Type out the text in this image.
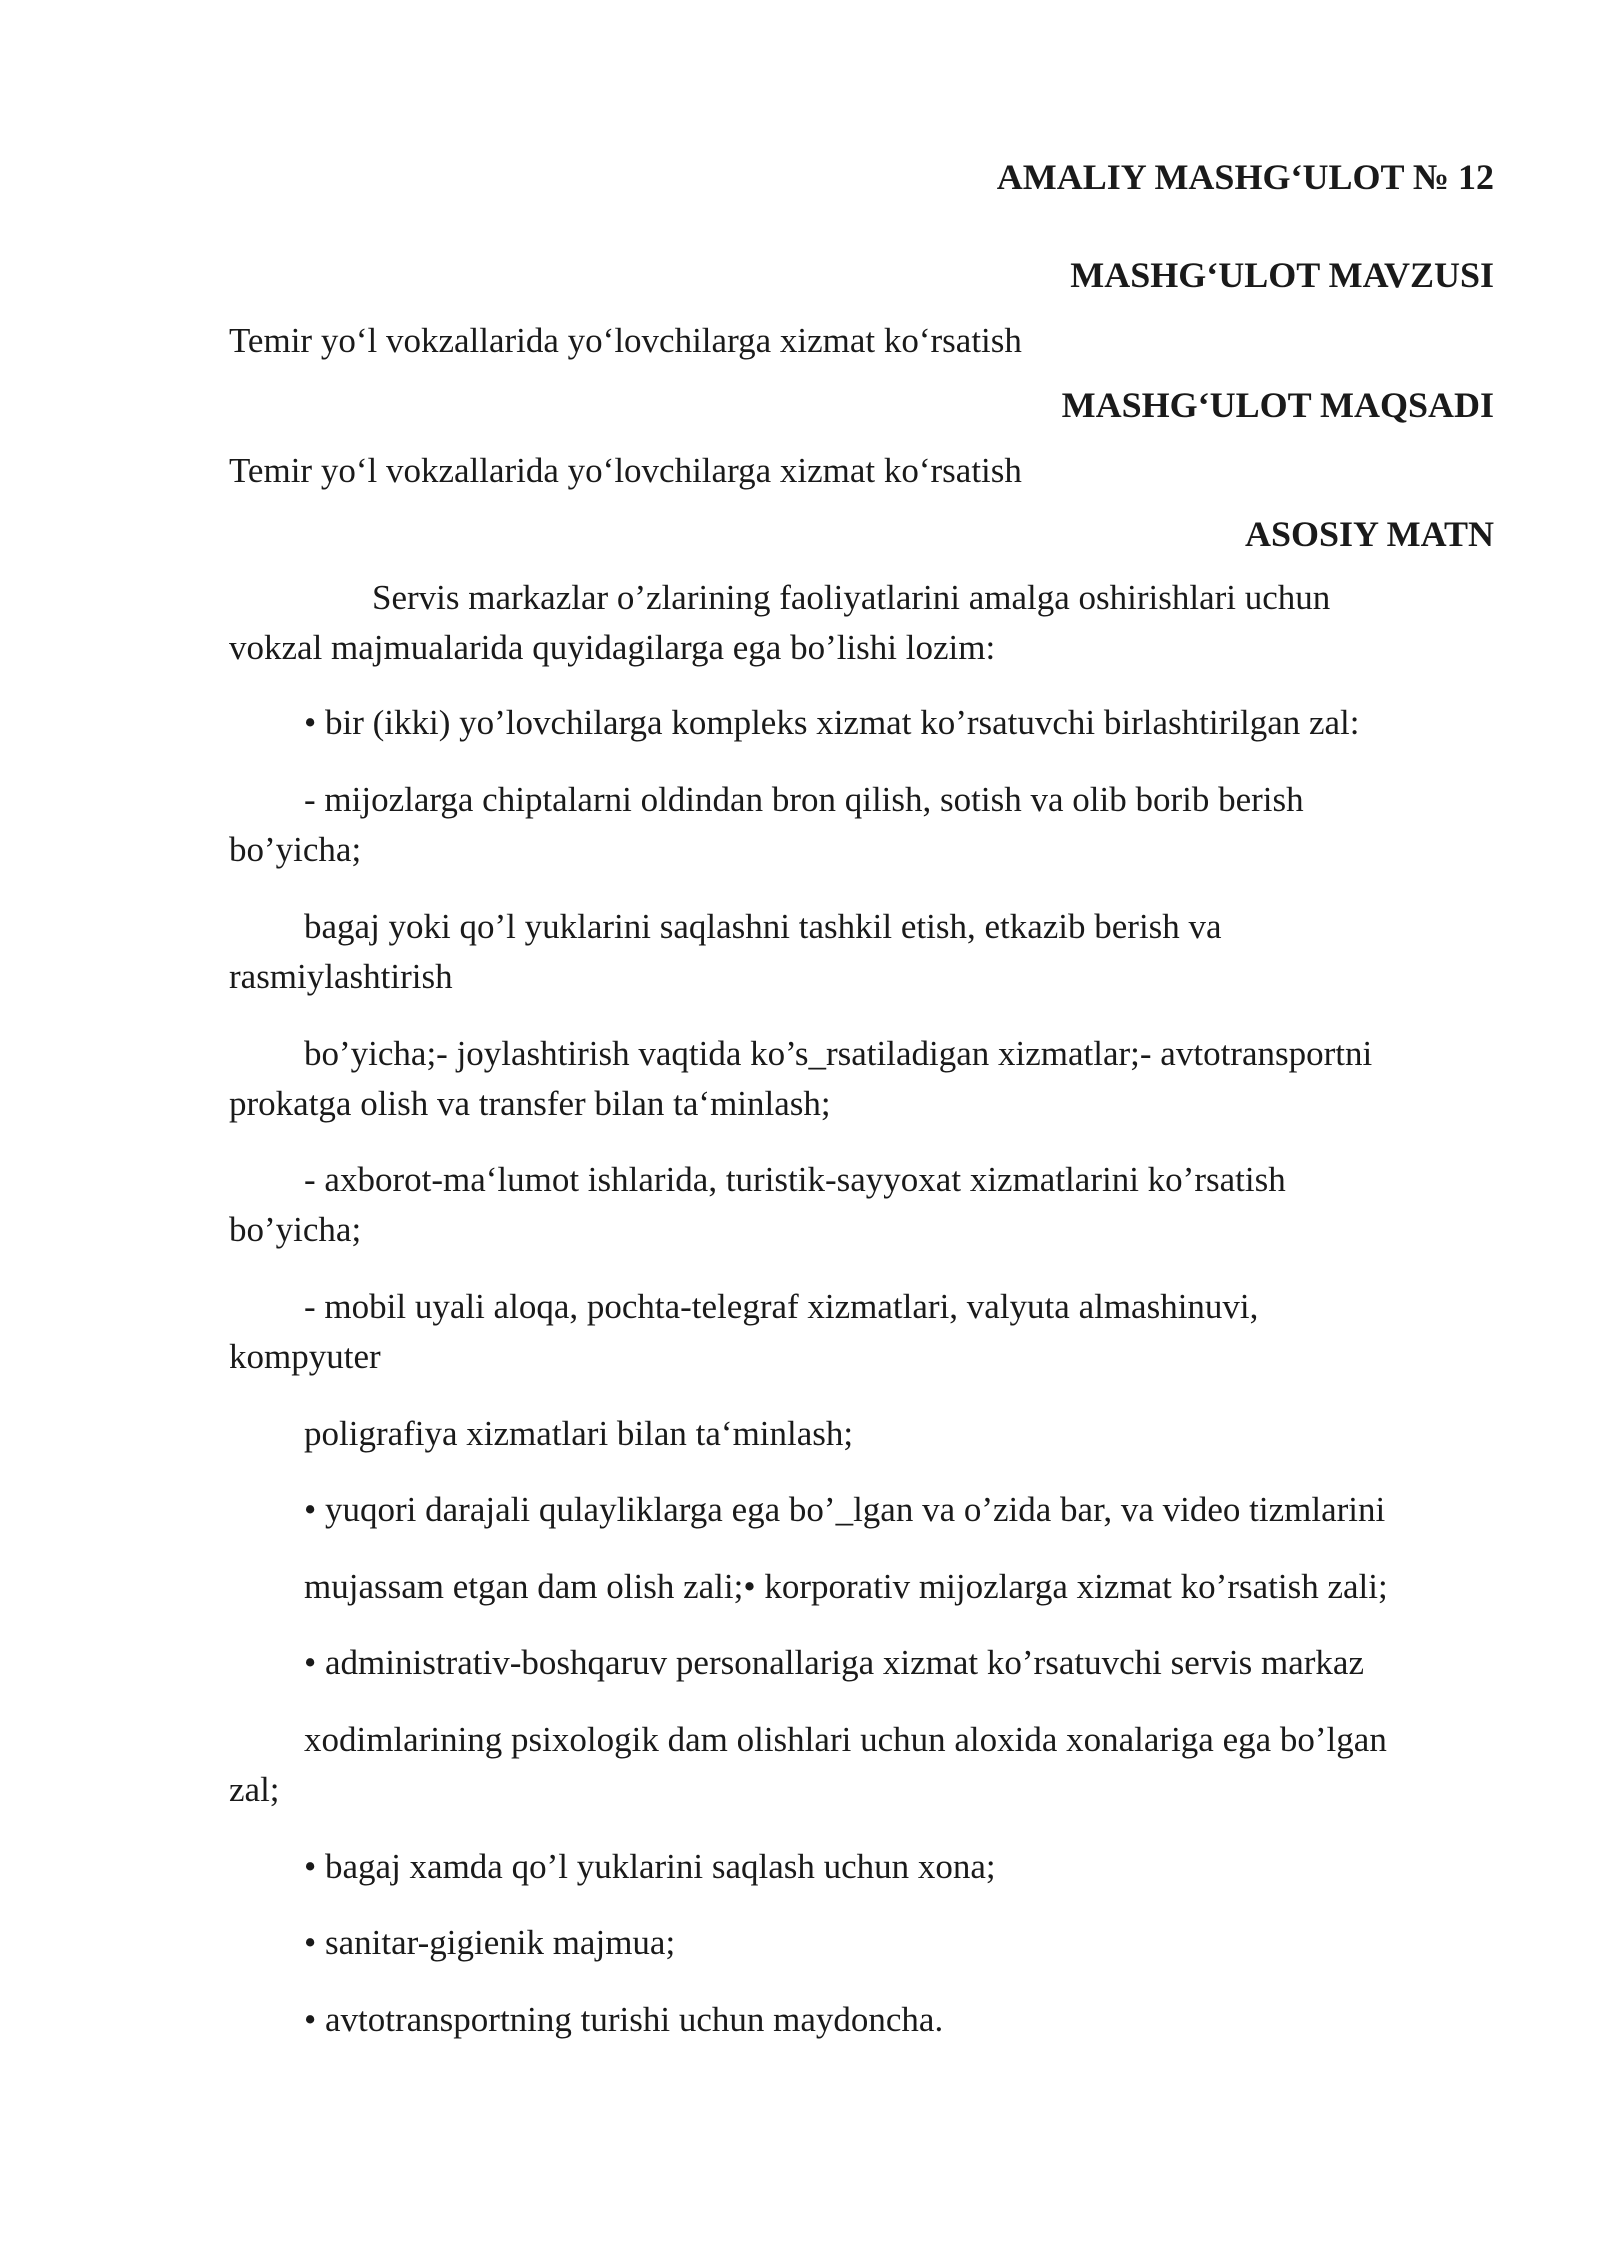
AMALIY MASHG‘ULOT № 12
MASHG‘ULOT MAVZUSI
Temir yo‘l vokzallarida yo‘lovchilarga xizmat ko‘rsatish
MASHG‘ULOT MAQSADI
Temir yo‘l vokzallarida yo‘lovchilarga xizmat ko‘rsatish
ASOSIY MATN
Servis markazlar o’zlarining faoliyatlarini amalga oshirishlari uchun
vokzal majmualarida quyidagilarga ega bo’lishi lozim:
• bir (ikki) yo’lovchilarga kompleks xizmat ko’rsatuvchi birlashtirilgan zal:
- mijozlarga chiptalarni oldindan bron qilish, sotish va olib borib berish
bo’yicha;
bagaj yoki qo’l yuklarini saqlashni tashkil etish, etkazib berish va
rasmiylashtirish
bo’yicha;- joylashtirish vaqtida ko’s_rsatiladigan xizmatlar;- avtotransportni
prokatga olish va transfer bilan ta‘minlash;
- axborot-ma‘lumot ishlarida, turistik-sayyoxat xizmatlarini ko’rsatish
bo’yicha;
- mobil uyali aloqa, pochta-telegraf xizmatlari, valyuta almashinuvi,
kompyuter
poligrafiya xizmatlari bilan ta‘minlash;
• yuqori darajali qulayliklarga ega bo’_lgan va o’zida bar, va video tizmlarini
mujassam etgan dam olish zali;• korporativ mijozlarga xizmat ko’rsatish zali;
• administrativ-boshqaruv personallariga xizmat ko’rsatuvchi servis markaz
xodimlarining psixologik dam olishlari uchun aloxida xonalariga ega bo’lgan
zal;
• bagaj xamda qo’l yuklarini saqlash uchun xona;
• sanitar-gigienik majmua;
• avtotransportning turishi uchun maydoncha.
